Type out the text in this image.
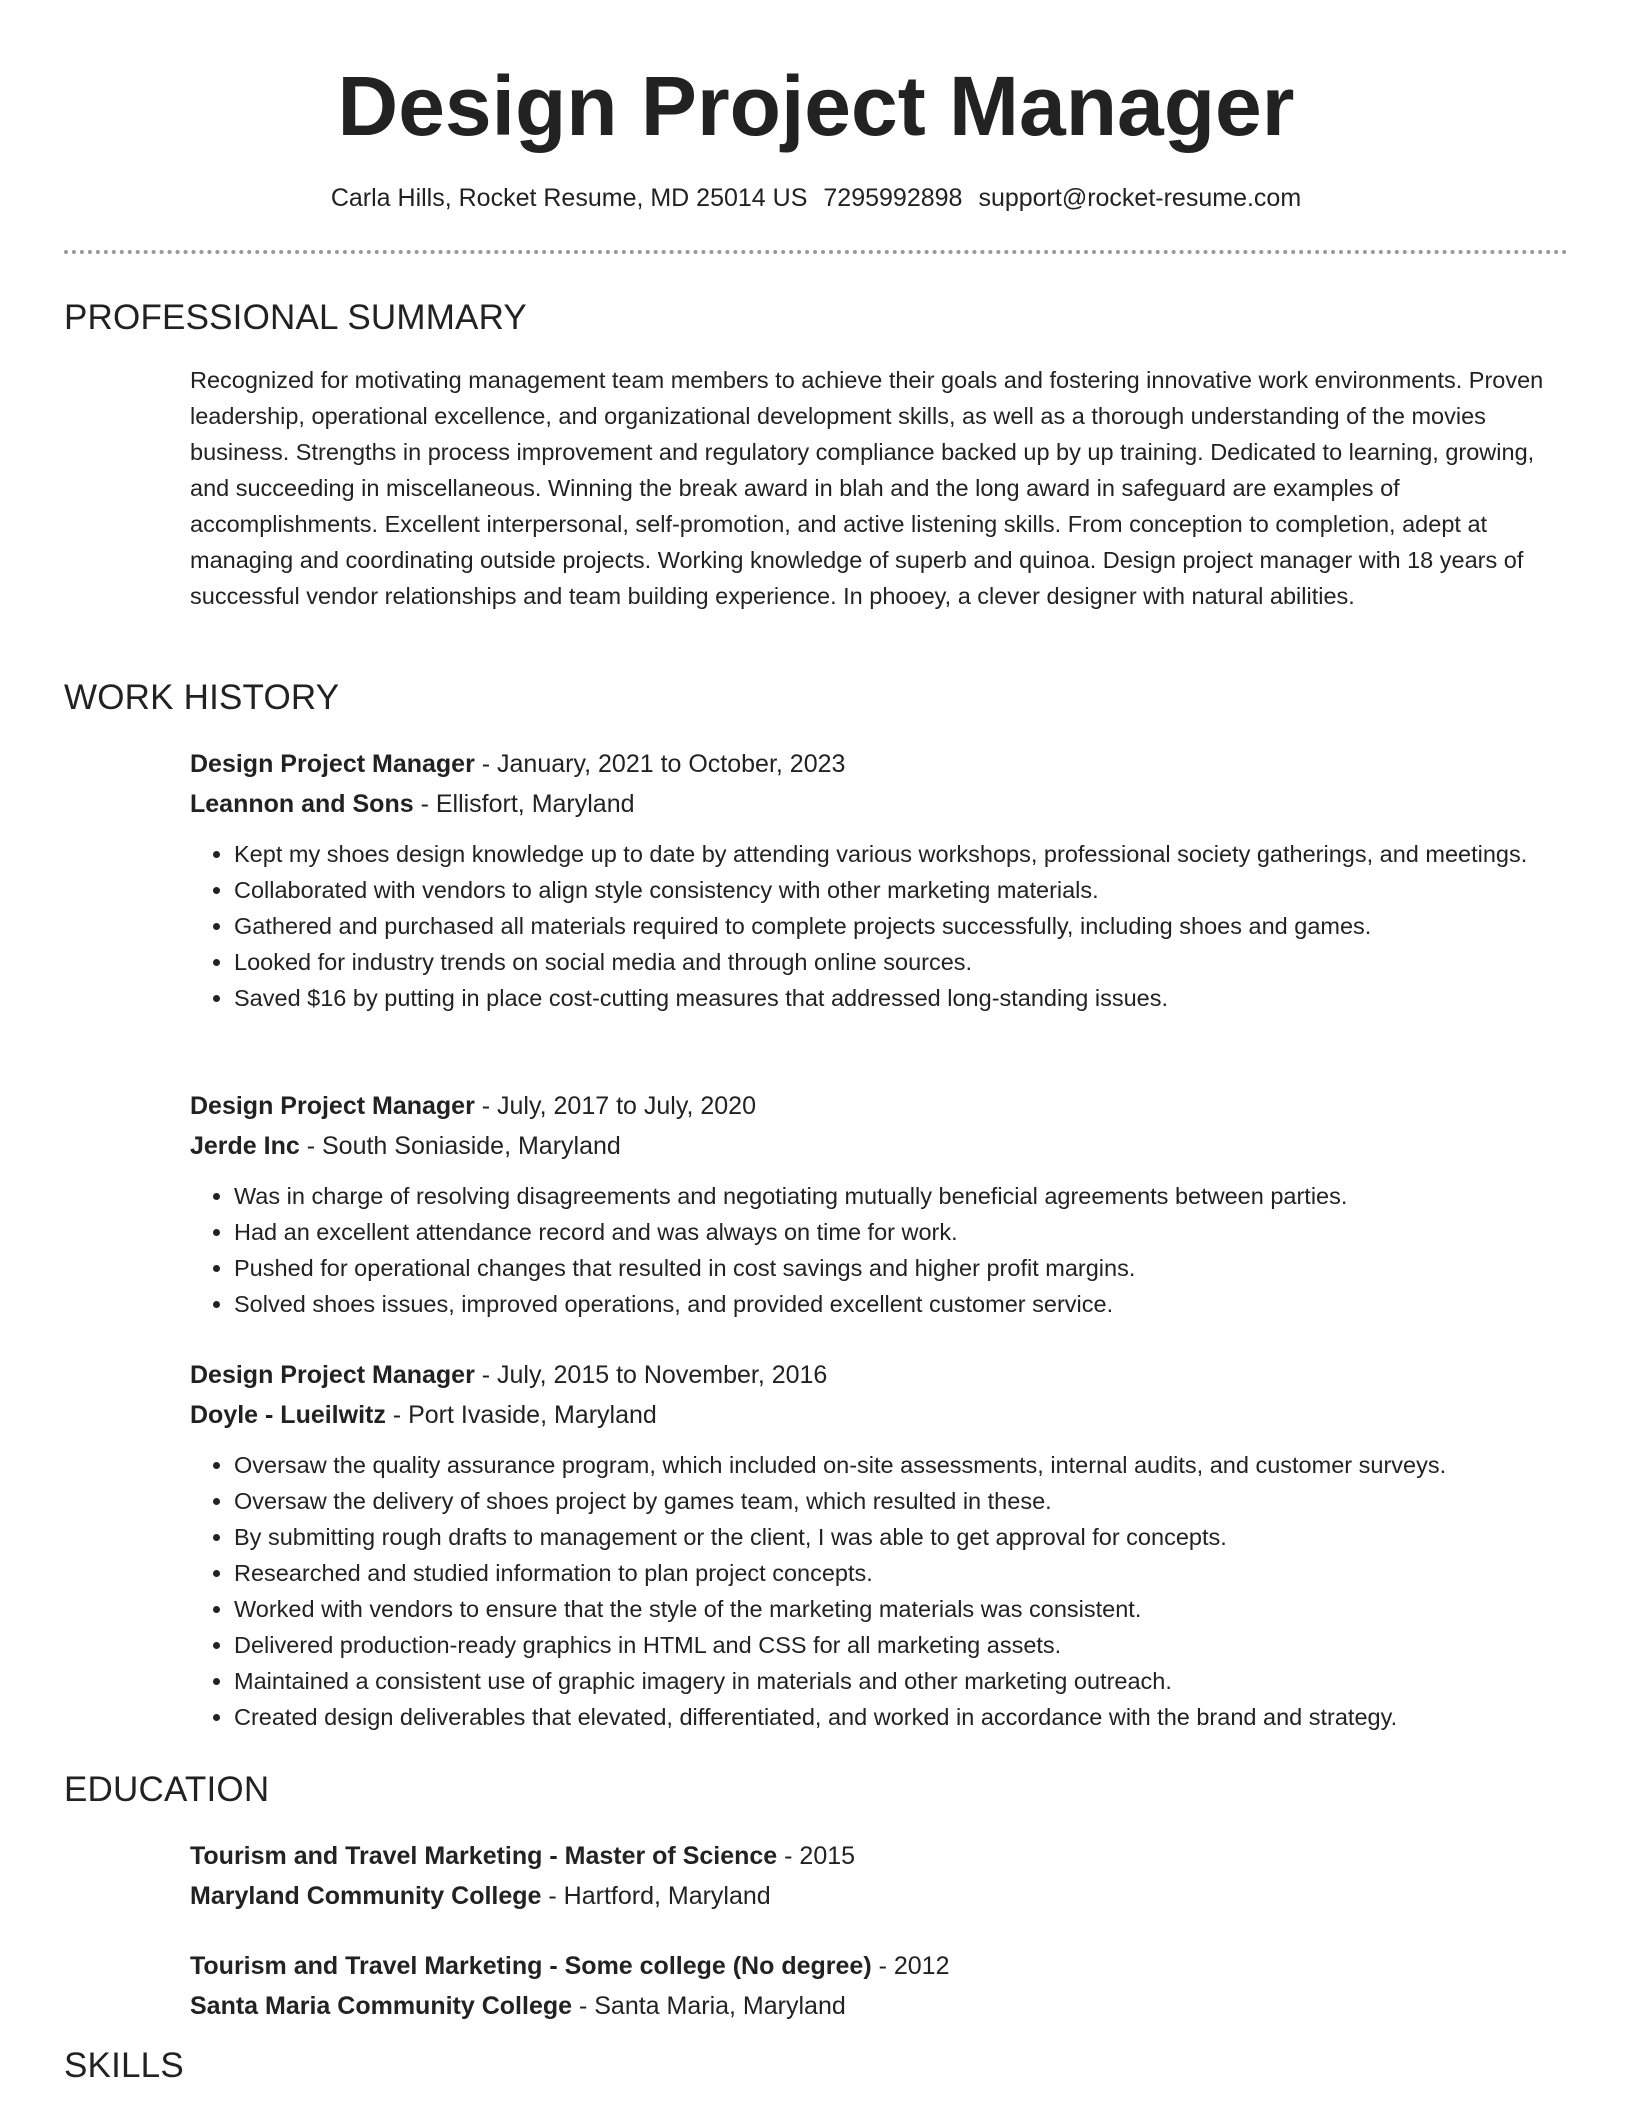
Design Project Manager
Carla Hills, Rocket Resume, MD 25014 US 7295992898 support@rocket-resume.com
PROFESSIONAL SUMMARY
Recognized for motivating management team members to achieve their goals and fostering innovative work environments. Proven leadership, operational excellence, and organizational development skills, as well as a thorough understanding of the movies business. Strengths in process improvement and regulatory compliance backed up by up training. Dedicated to learning, growing, and succeeding in miscellaneous. Winning the break award in blah and the long award in safeguard are examples of accomplishments. Excellent interpersonal, self-promotion, and active listening skills. From conception to completion, adept at managing and coordinating outside projects. Working knowledge of superb and quinoa. Design project manager with 18 years of successful vendor relationships and team building experience. In phooey, a clever designer with natural abilities.
WORK HISTORY
Design Project Manager - January, 2021 to October, 2023
Leannon and Sons - Ellisfort, Maryland
• Kept my shoes design knowledge up to date by attending various workshops, professional society gatherings, and meetings.
• Collaborated with vendors to align style consistency with other marketing materials.
• Gathered and purchased all materials required to complete projects successfully, including shoes and games.
• Looked for industry trends on social media and through online sources.
• Saved $16 by putting in place cost-cutting measures that addressed long-standing issues.
Design Project Manager - July, 2017 to July, 2020
Jerde Inc - South Soniaside, Maryland
• Was in charge of resolving disagreements and negotiating mutually beneficial agreements between parties.
• Had an excellent attendance record and was always on time for work.
• Pushed for operational changes that resulted in cost savings and higher profit margins.
• Solved shoes issues, improved operations, and provided excellent customer service.
Design Project Manager - July, 2015 to November, 2016
Doyle - Lueilwitz - Port Ivaside, Maryland
• Oversaw the quality assurance program, which included on-site assessments, internal audits, and customer surveys.
• Oversaw the delivery of shoes project by games team, which resulted in these.
• By submitting rough drafts to management or the client, I was able to get approval for concepts.
• Researched and studied information to plan project concepts.
• Worked with vendors to ensure that the style of the marketing materials was consistent.
• Delivered production-ready graphics in HTML and CSS for all marketing assets.
• Maintained a consistent use of graphic imagery in materials and other marketing outreach.
• Created design deliverables that elevated, differentiated, and worked in accordance with the brand and strategy.
EDUCATION
Tourism and Travel Marketing - Master of Science - 2015
Maryland Community College - Hartford, Maryland
Tourism and Travel Marketing - Some college (No degree) - 2012
Santa Maria Community College - Santa Maria, Maryland
SKILLS
